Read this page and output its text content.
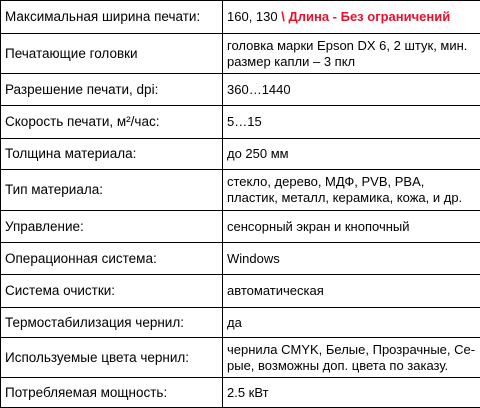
Максимальная ширина печати:	160, 130 \ Длина - Без ограничений
Печатающие головки	головка марки Epson DX 6, 2 штук, мин. размер капли – 3 пкл
Разрешение печати, dpi:	360…1440
Скорость печати, м²/час:	5…15
Толщина материала:	до 250 мм
Тип материала:	стекло, дерево, МДФ, PVB, PBA, пластик, металл, керамика, кожа, и др.
Управление:	сенсорный экран и кнопочный
Операционная система:	Windows
Система очистки:	автоматическая
Термостабилизация чернил:	да
Используемые цвета чернил:	чернила CMYK, Белые, Прозрачные, Се- рые, возможны доп. цвета по заказу.
Потребляемая мощность:	2.5 кВт
